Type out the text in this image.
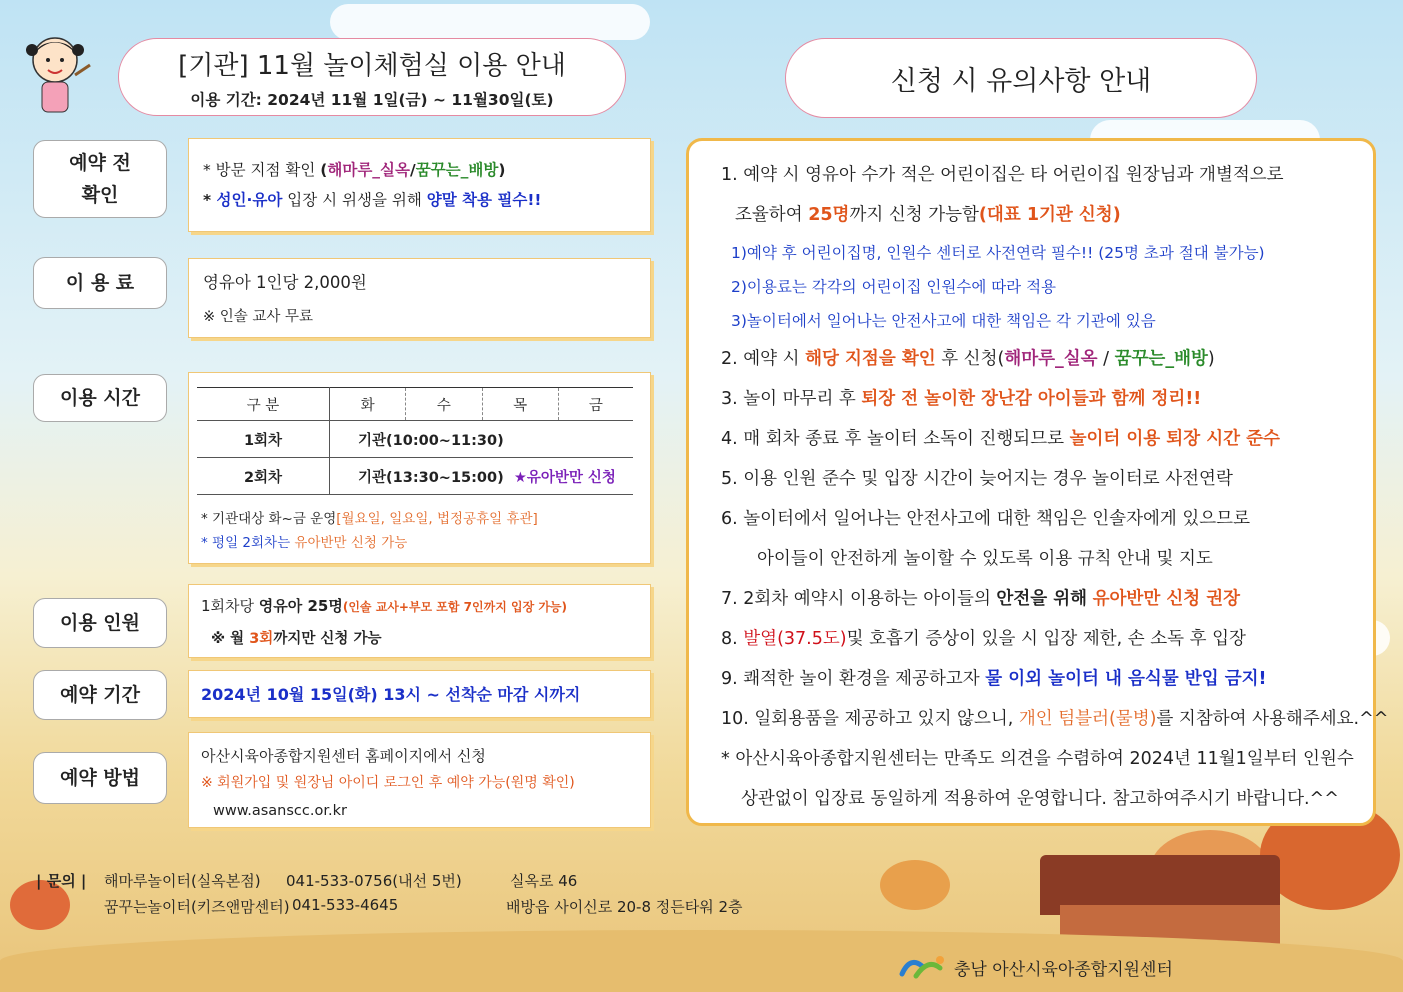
[기관] 11월 놀이체험실 이용 안내
이용 기간: 2024년 11월 1일(금) ~ 11월30일(토)
신청 시 유의사항 안내
예약 전
확인
이 용 료
이용 시간
이용 인원
예약 기간
예약 방법
* 방문 지점 확인 (해마루_실옥/꿈꾸는_배방)
* 성인·유아 입장 시 위생을 위해 양말 착용 필수!!
영유아 1인당 2,000원
※ 인솔 교사 무료
구 분	화	수	목	금
1회차	기관(10:00~11:30)			
2회차	기관(13:30~15:00) ★유아반만 신청			
* 기관대상 화~금 운영[월요일, 일요일, 법정공휴일 휴관]
* 평일 2회차는 유아반만 신청 가능
1회차당 영유아 25명(인솔 교사+부모 포함 7인까지 입장 가능)
※ 월 3회까지만 신청 가능
2024년 10월 15일(화) 13시 ~ 선착순 마감 시까지
아산시육아종합지원센터 홈페이지에서 신청
※ 회원가입 및 원장님 아이디 로그인 후 예약 가능(원명 확인)
www.asanscc.or.kr
1. 예약 시 영유아 수가 적은 어린이집은 타 어린이집 원장님과 개별적으로
조율하여 25명까지 신청 가능함(대표 1기관 신청)
1)예약 후 어린이집명, 인원수 센터로 사전연락 필수!! (25명 초과 절대 불가능)
2)이용료는 각각의 어린이집 인원수에 따라 적용
3)놀이터에서 일어나는 안전사고에 대한 책임은 각 기관에 있음
2. 예약 시 해당 지점을 확인 후 신청(해마루_실옥 / 꿈꾸는_배방)
3. 놀이 마무리 후 퇴장 전 놀이한 장난감 아이들과 함께 정리!!
4. 매 회차 종료 후 놀이터 소독이 진행되므로 놀이터 이용 퇴장 시간 준수
5. 이용 인원 준수 및 입장 시간이 늦어지는 경우 놀이터로 사전연락
6. 놀이터에서 일어나는 안전사고에 대한 책임은 인솔자에게 있으므로
아이들이 안전하게 놀이할 수 있도록 이용 규칙 안내 및 지도
7. 2회차 예약시 이용하는 아이들의 안전을 위해 유아반만 신청 권장
8. 발열(37.5도)및 호흡기 증상이 있을 시 입장 제한, 손 소독 후 입장
9. 쾌적한 놀이 환경을 제공하고자 물 이외 놀이터 내 음식물 반입 금지!
10. 일회용품을 제공하고 있지 않으니, 개인 텀블러(물병)를 지참하여 사용해주세요.^^
* 아산시육아종합지원센터는 만족도 의견을 수렴하여 2024년 11월1일부터 인원수
상관없이 입장료 동일하게 적용하여 운영합니다. 참고하여주시기 바랍니다.^^
| 문의 | 해마루놀이터(실옥본점) 041-533-0756(내선 5번)	실옥로 46
꿈꾸는놀이터(키즈앤맘센터) 041-533-4645	배방읍 사이신로 20-8 정든타워 2층
충남 아산시육아종합지원센터
